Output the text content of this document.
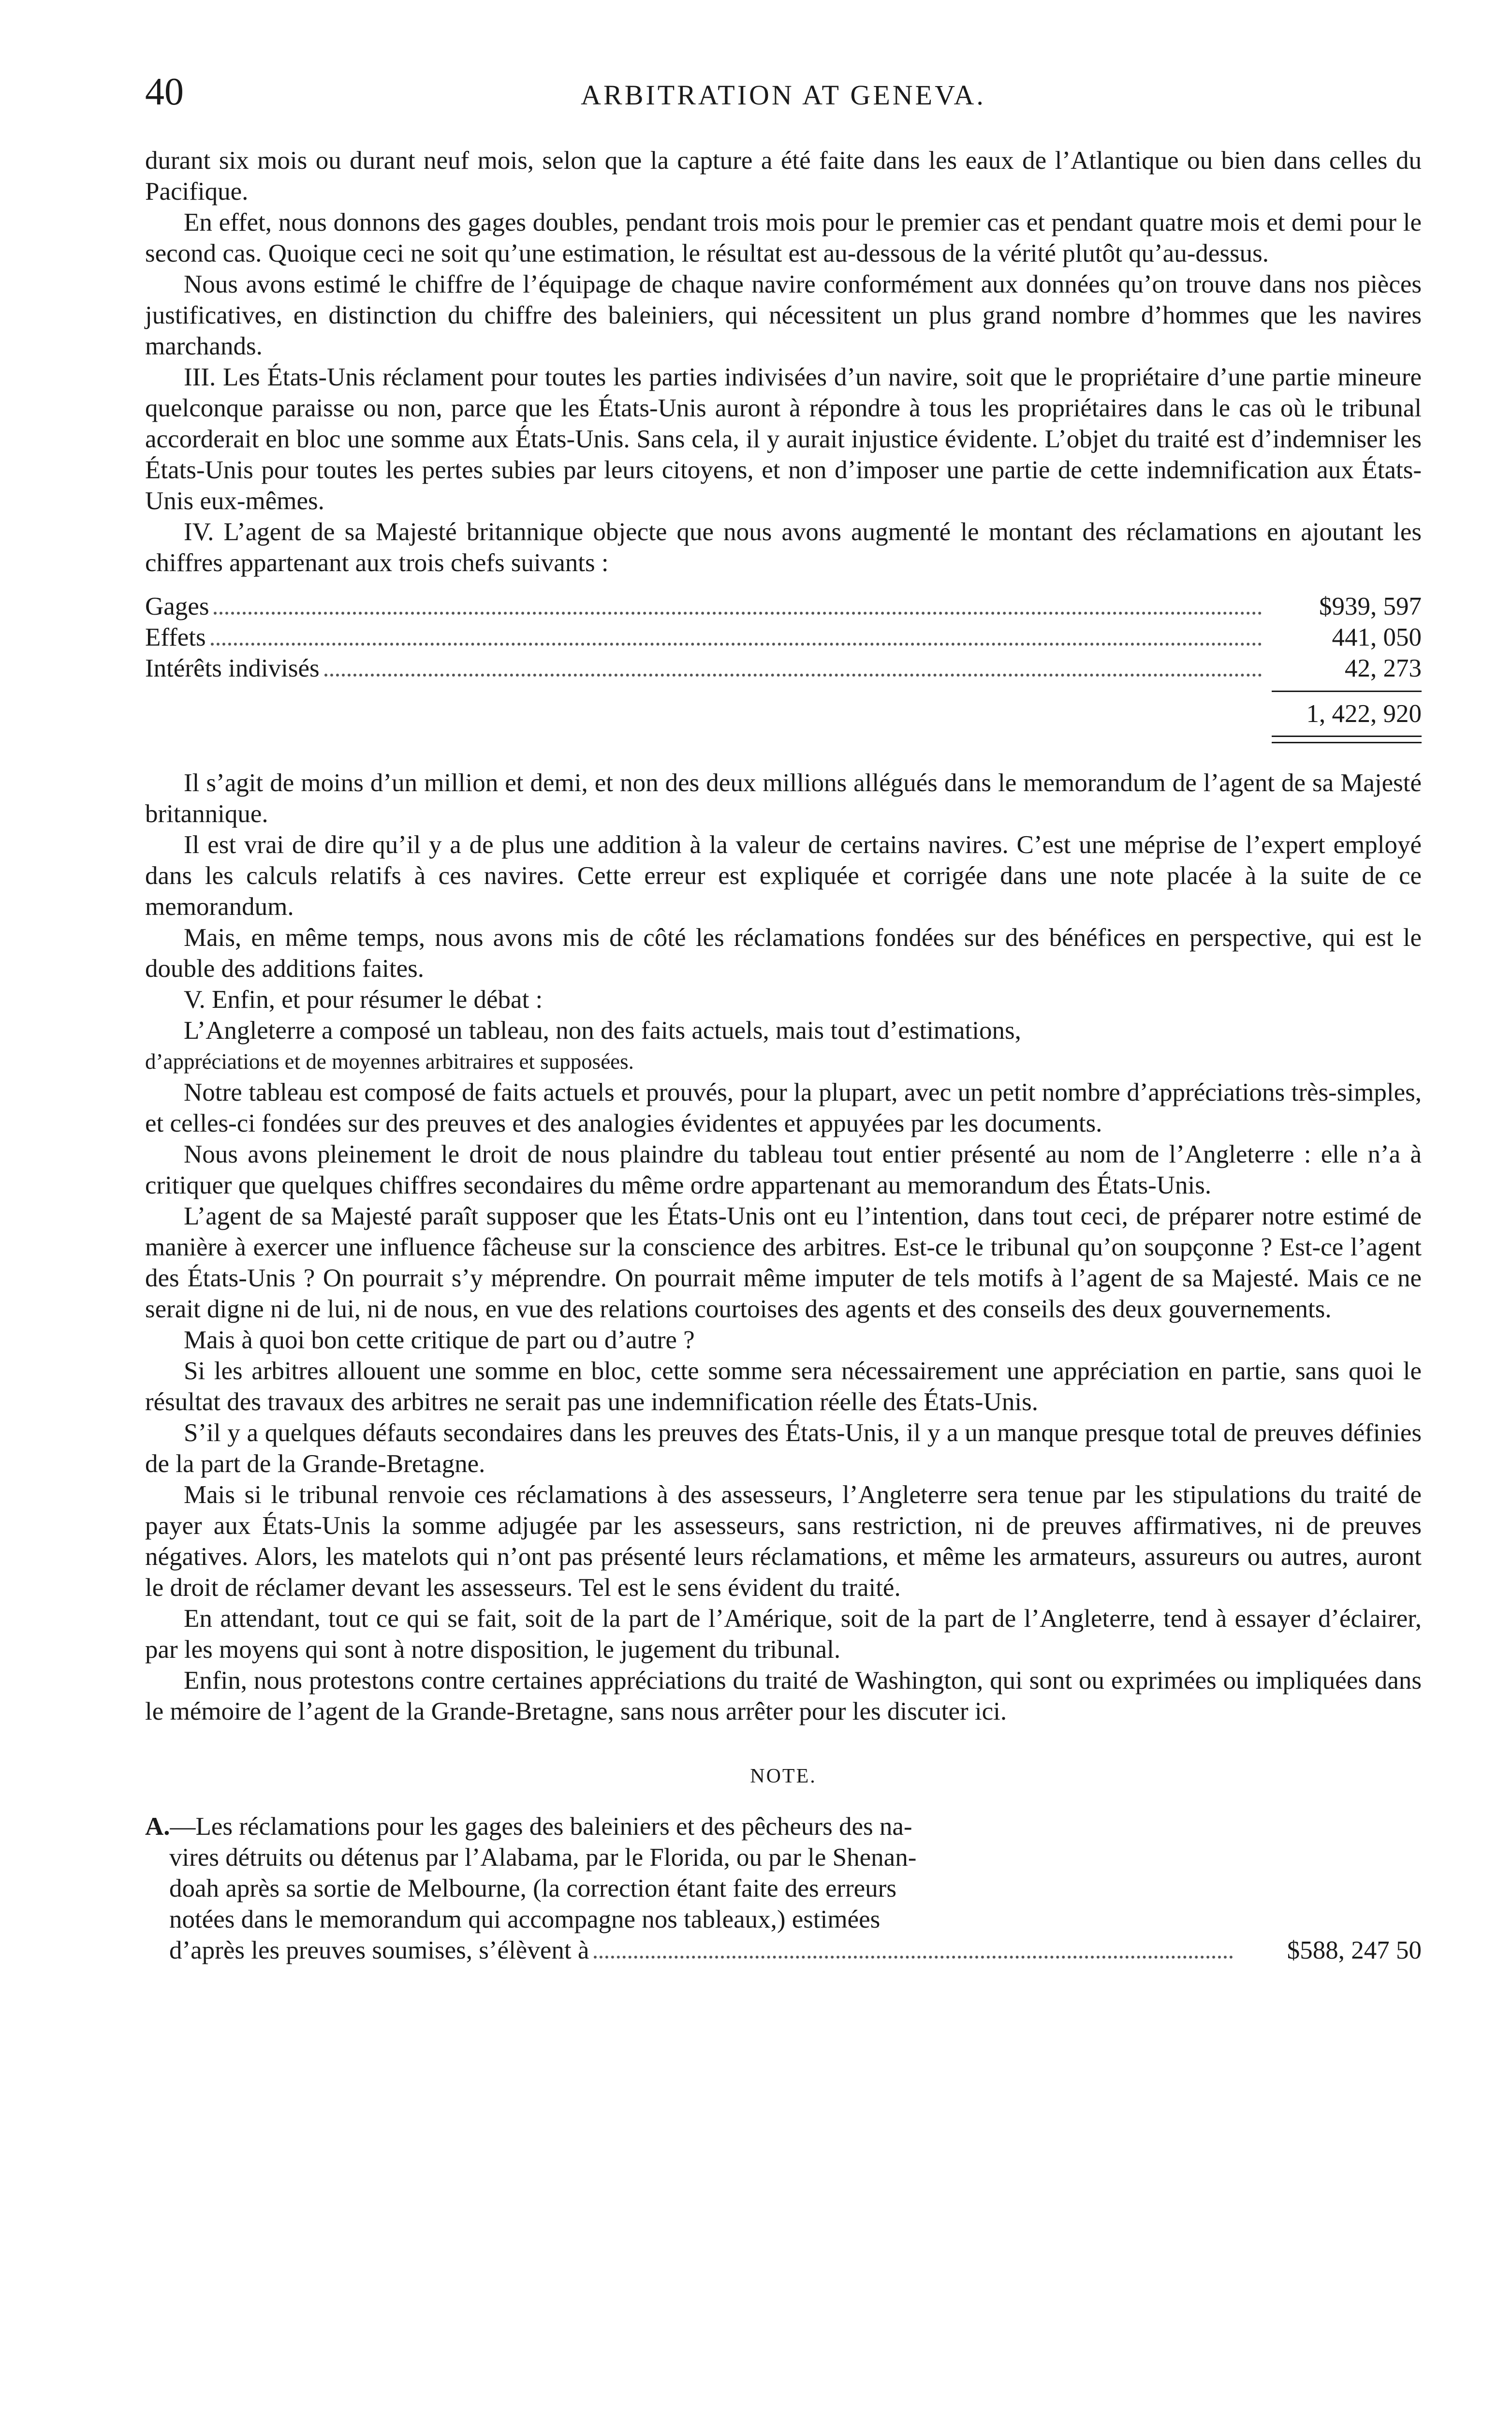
40	ARBITRATION AT GENEVA.

durant six mois ou durant neuf mois, selon que la capture a été faite dans les eaux de l’Atlantique ou bien dans celles du Pacifique.

En effet, nous donnons des gages doubles, pendant trois mois pour le premier cas et pendant quatre mois et demi pour le second cas. Quoique ceci ne soit qu’une estimation, le résultat est au-dessous de la vérité plutôt qu’au-dessus.

Nous avons estimé le chiffre de l’équipage de chaque navire conformément aux données qu’on trouve dans nos pièces justificatives, en distinction du chiffre des baleiniers, qui nécessitent un plus grand nombre d’hommes que les navires marchands.

III. Les États-Unis réclament pour toutes les parties indivisées d’un navire, soit que le propriétaire d’une partie mineure quelconque paraisse ou non, parce que les États-Unis auront à répondre à tous les propriétaires dans le cas où le tribunal accorderait en bloc une somme aux États-Unis. Sans cela, il y aurait injustice évidente. L’objet du traité est d’indemniser les États-Unis pour toutes les pertes subies par leurs citoyens, et non d’imposer une partie de cette indemnification aux États-Unis eux-mêmes.

IV. L’agent de sa Majesté britannique objecte que nous avons augmenté le montant des réclamations en ajoutant les chiffres appartenant aux trois chefs suivants :

Gages	$939, 597
Effets	441, 050
Intérêts indivisés	42, 273
1, 422, 920

Il s’agit de moins d’un million et demi, et non des deux millions allégués dans le memorandum de l’agent de sa Majesté britannique.

Il est vrai de dire qu’il y a de plus une addition à la valeur de certains navires. C’est une méprise de l’expert employé dans les calculs relatifs à ces navires. Cette erreur est expliquée et corrigée dans une note placée à la suite de ce memorandum.

Mais, en même temps, nous avons mis de côté les réclamations fondées sur des bénéfices en perspective, qui est le double des additions faites.

V. Enfin, et pour résumer le débat :

L’Angleterre a composé un tableau, non des faits actuels, mais tout d’estimations,

d’appréciations et de moyennes arbitraires et supposées.

Notre tableau est composé de faits actuels et prouvés, pour la plupart, avec un petit nombre d’appréciations très-simples, et celles-ci fondées sur des preuves et des analogies évidentes et appuyées par les documents.

Nous avons pleinement le droit de nous plaindre du tableau tout entier présenté au nom de l’Angleterre : elle n’a à critiquer que quelques chiffres secondaires du même ordre appartenant au memorandum des États-Unis.

L’agent de sa Majesté paraît supposer que les États-Unis ont eu l’intention, dans tout ceci, de préparer notre estimé de manière à exercer une influence fâcheuse sur la conscience des arbitres. Est-ce le tribunal qu’on soupçonne ? Est-ce l’agent des États-Unis ? On pourrait s’y méprendre. On pourrait même imputer de tels motifs à l’agent de sa Majesté. Mais ce ne serait digne ni de lui, ni de nous, en vue des relations courtoises des agents et des conseils des deux gouvernements.

Mais à quoi bon cette critique de part ou d’autre ?

Si les arbitres allouent une somme en bloc, cette somme sera nécessairement une appréciation en partie, sans quoi le résultat des travaux des arbitres ne serait pas une indemnification réelle des États-Unis.

S’il y a quelques défauts secondaires dans les preuves des États-Unis, il y a un manque presque total de preuves définies de la part de la Grande-Bretagne.

Mais si le tribunal renvoie ces réclamations à des assesseurs, l’Angleterre sera tenue par les stipulations du traité de payer aux États-Unis la somme adjugée par les assesseurs, sans restriction, ni de preuves affirmatives, ni de preuves négatives. Alors, les matelots qui n’ont pas présenté leurs réclamations, et même les armateurs, assureurs ou autres, auront le droit de réclamer devant les assesseurs. Tel est le sens évident du traité.

En attendant, tout ce qui se fait, soit de la part de l’Amérique, soit de la part de l’Angleterre, tend à essayer d’éclairer, par les moyens qui sont à notre disposition, le jugement du tribunal.

Enfin, nous protestons contre certaines appréciations du traité de Washington, qui sont ou exprimées ou impliquées dans le mémoire de l’agent de la Grande-Bretagne, sans nous arrêter pour les discuter ici.

NOTE.
A.—Les réclamations pour les gages des baleiniers et des pêcheurs des na-
vires détruits ou détenus par l’Alabama, par le Florida, ou par le Shenan-
doah après sa sortie de Melbourne, (la correction étant faite des erreurs
notées dans le memorandum qui accompagne nos tableaux,) estimées
d’après les preuves soumises, s’élèvent à	$588, 247 50
